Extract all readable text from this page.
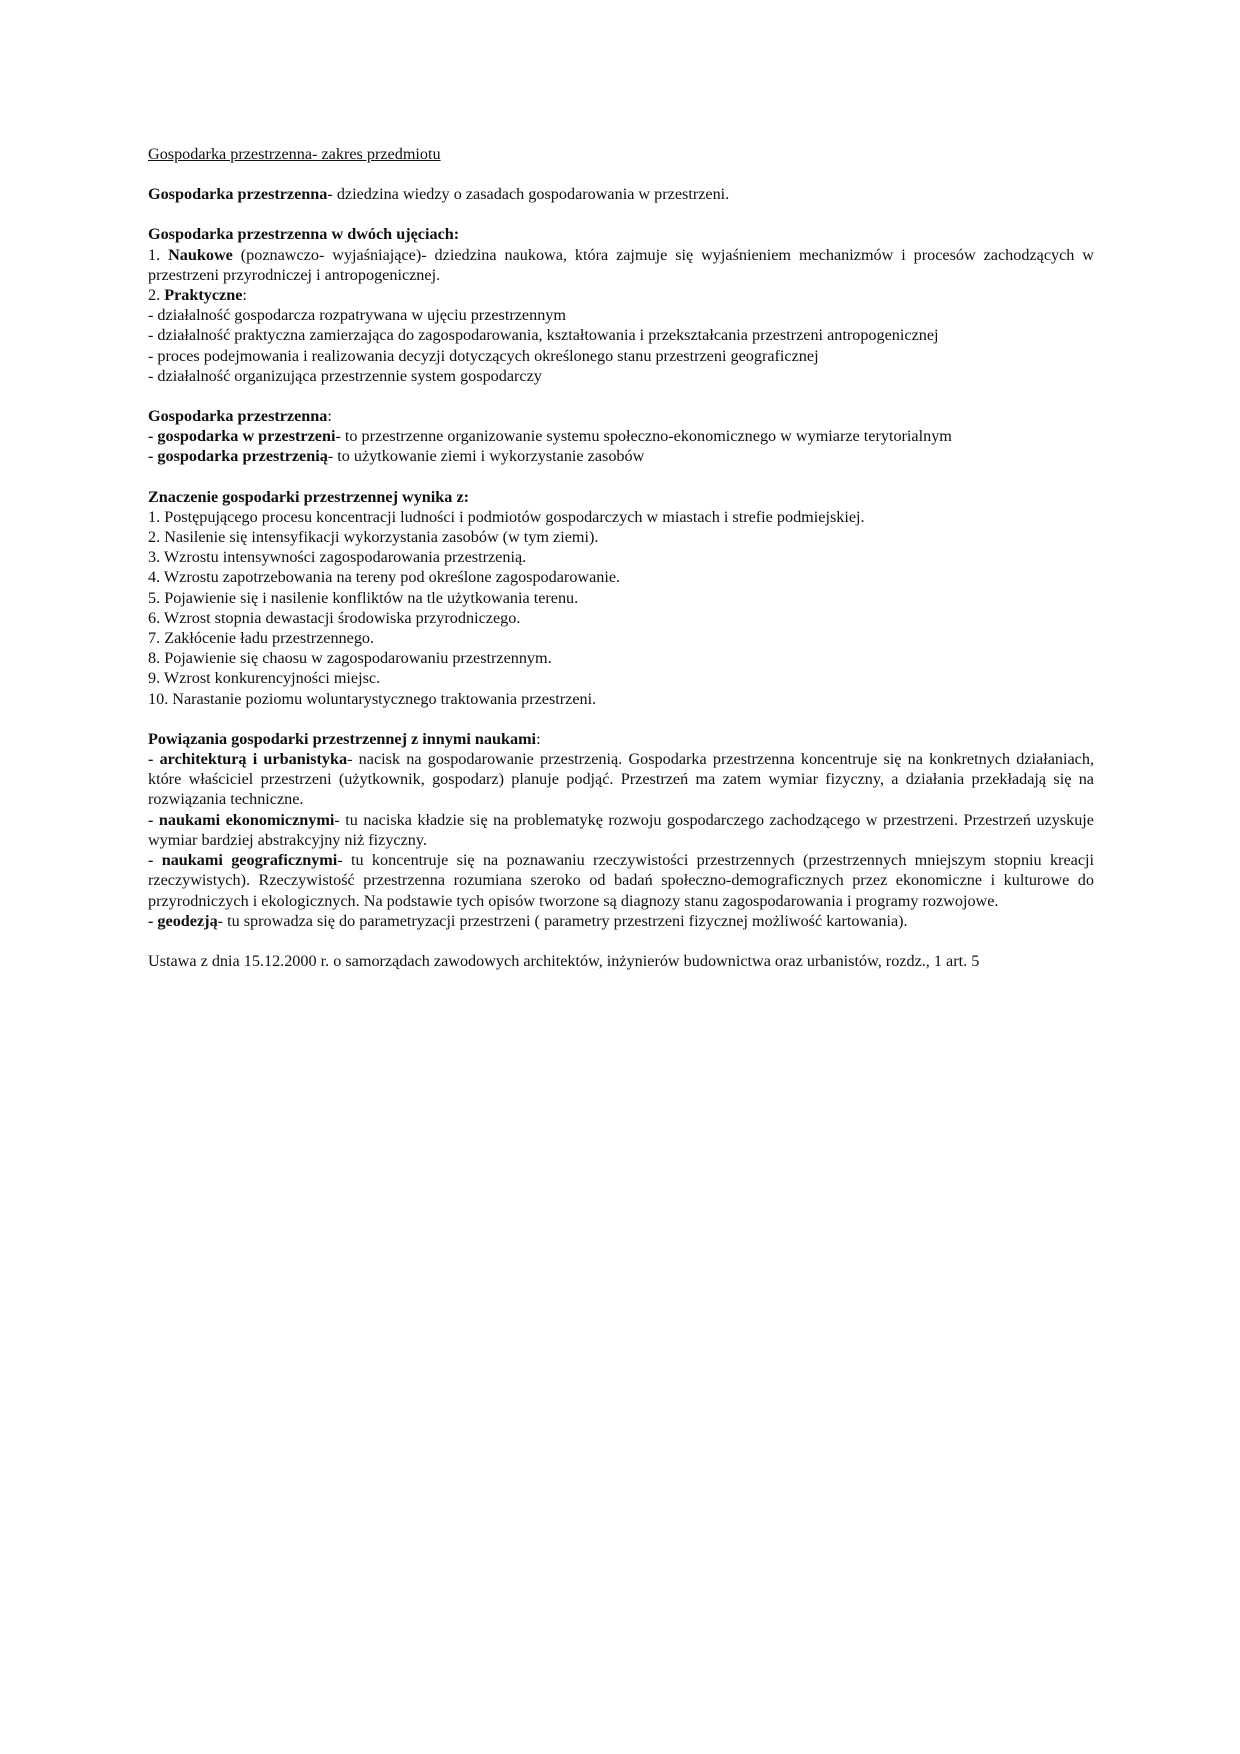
Gospodarka przestrzenna- zakres przedmiotu

Gospodarka przestrzenna- dziedzina wiedzy o zasadach gospodarowania w przestrzeni.

Gospodarka przestrzenna w dwóch ujęciach:

1. Naukowe (poznawczo- wyjaśniające)- dziedzina naukowa, która zajmuje się wyjaśnieniem mechanizmów i procesów zachodzących w przestrzeni przyrodniczej i antropogenicznej.

2. Praktyczne:

- działalność gospodarcza rozpatrywana w ujęciu przestrzennym

- działalność praktyczna zamierzająca do zagospodarowania, kształtowania i przekształcania przestrzeni antropogenicznej

- proces podejmowania i realizowania decyzji dotyczących określonego stanu przestrzeni geograficznej

- działalność organizująca przestrzennie system gospodarczy

Gospodarka przestrzenna:

- gospodarka w przestrzeni- to przestrzenne organizowanie systemu społeczno-ekonomicznego w wymiarze terytorialnym

- gospodarka przestrzenią- to użytkowanie ziemi i wykorzystanie zasobów

Znaczenie gospodarki przestrzennej wynika z:

1. Postępującego procesu koncentracji ludności i podmiotów gospodarczych w miastach i strefie podmiejskiej.

2. Nasilenie się intensyfikacji wykorzystania zasobów (w tym ziemi).

3. Wzrostu intensywności zagospodarowania przestrzenią.

4. Wzrostu zapotrzebowania na tereny pod określone zagospodarowanie.

5. Pojawienie się i nasilenie konfliktów na tle użytkowania terenu.

6. Wzrost stopnia dewastacji środowiska przyrodniczego.

7. Zakłócenie ładu przestrzennego.

8. Pojawienie się chaosu w zagospodarowaniu przestrzennym.

9. Wzrost konkurencyjności miejsc.

10. Narastanie poziomu woluntarystycznego traktowania przestrzeni.

Powiązania gospodarki przestrzennej z innymi naukami:

- architekturą i urbanistyka- nacisk na gospodarowanie przestrzenią. Gospodarka przestrzenna koncentruje się na konkretnych działaniach, które właściciel przestrzeni (użytkownik, gospodarz) planuje podjąć. Przestrzeń ma zatem wymiar fizyczny, a działania przekładają się na rozwiązania techniczne.

- naukami ekonomicznymi- tu naciska kładzie się na problematykę rozwoju gospodarczego zachodzącego w przestrzeni. Przestrzeń uzyskuje wymiar bardziej abstrakcyjny niż fizyczny.

- naukami geograficznymi- tu koncentruje się na poznawaniu rzeczywistości przestrzennych (przestrzennych mniejszym stopniu kreacji rzeczywistych). Rzeczywistość przestrzenna rozumiana szeroko od badań społeczno-demograficznych przez ekonomiczne i kulturowe do przyrodniczych i ekologicznych. Na podstawie tych opisów tworzone są diagnozy stanu zagospodarowania i programy rozwojowe.

- geodezją- tu sprowadza się do parametryzacji przestrzeni ( parametry przestrzeni fizycznej możliwość kartowania).

Ustawa z dnia 15.12.2000 r. o samorządach zawodowych architektów, inżynierów budownictwa oraz urbanistów, rozdz., 1 art. 5
